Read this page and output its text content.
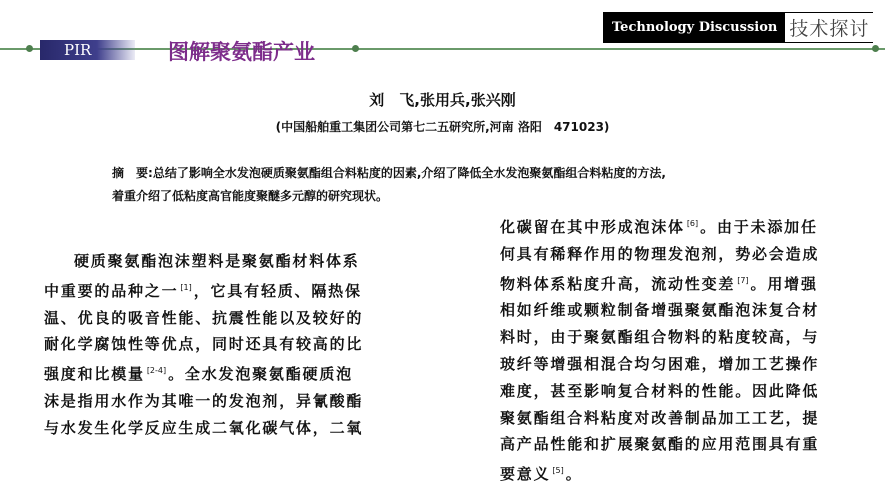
Technology Discussion 技术探讨
PIR	图解聚氨酯产业
刘　飞,张用兵,张兴刚
(中国船舶重工集团公司第七二五研究所,河南 洛阳　471023)
摘　要:总结了影响全水发泡硬质聚氨酯组合料粘度的因素,介绍了降低全水发泡聚氨酯组合料粘度的方法,
着重介绍了低粘度高官能度聚醚多元醇的研究现状。
硬质聚氨酯泡沫塑料是聚氨酯材料体系
中重要的品种之一 [1] ，它具有轻质、隔热保
温、优良的吸音性能、抗震性能以及较好的
耐化学腐蚀性等优点，同时还具有较高的比
强度和比模量 [2-4] 。全水发泡聚氨酯硬质泡
沫是指用水作为其唯一的发泡剂，异氰酸酯
与水发生化学反应生成二氧化碳气体，二氧
化碳留在其中形成泡沫体 [6] 。由于未添加任
何具有稀释作用的物理发泡剂，势必会造成
物料体系粘度升高，流动性变差 [7] 。用增强
相如纤维或颗粒制备增强聚氨酯泡沫复合材
料时，由于聚氨酯组合物料的粘度较高，与
玻纤等增强相混合均匀困难，增加工艺操作
难度，甚至影响复合材料的性能。因此降低
聚氨酯组合料粘度对改善制品加工工艺，提
高产品性能和扩展聚氨酯的应用范围具有重
要意义 [5] 。
